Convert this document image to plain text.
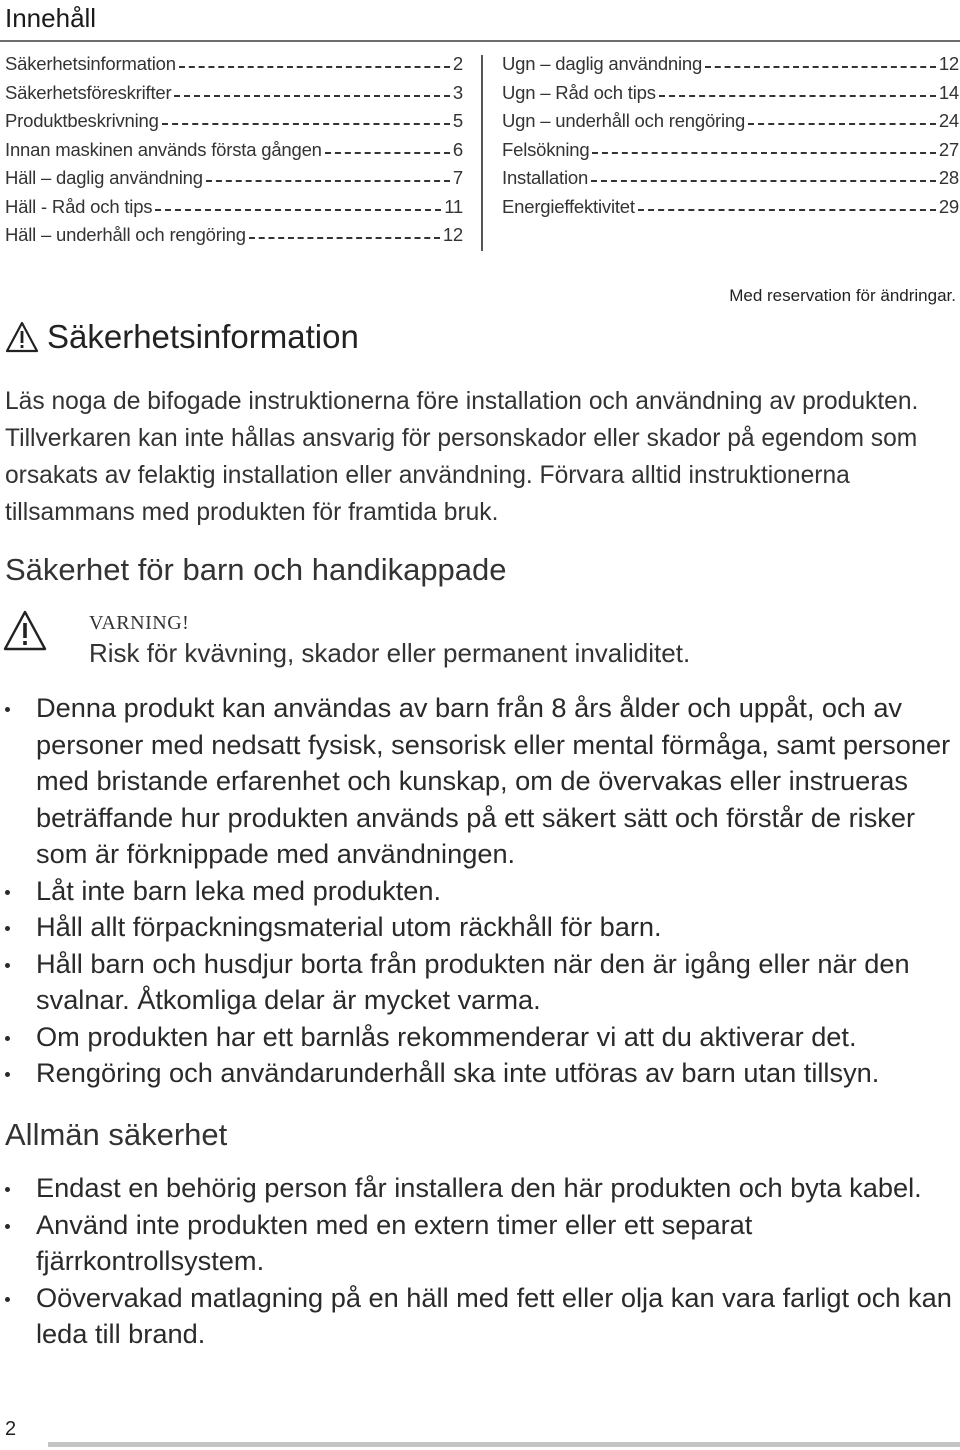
Innehåll
Säkerhetsinformation	2
Säkerhetsföreskrifter	3
Produktbeskrivning	5
Innan maskinen används första gången	6
Häll – daglig användning	7
Häll - Råd och tips	11
Häll – underhåll och rengöring	12
Ugn – daglig användning	12
Ugn – Råd och tips	14
Ugn – underhåll och rengöring	24
Felsökning	27
Installation	28
Energieffektivitet	29
Med reservation för ändringar.
Säkerhetsinformation
Läs noga de bifogade instruktionerna före installation och användning av produkten. Tillverkaren kan inte hållas ansvarig för personskador eller skador på egendom som orsakats av felaktig installation eller användning. Förvara alltid instruktionerna tillsammans med produkten för framtida bruk.
Säkerhet för barn och handikappade
VARNING!
Risk för kvävning, skador eller permanent invaliditet.
Denna produkt kan användas av barn från 8 års ålder och uppåt, och av personer med nedsatt fysisk, sensorisk eller mental förmåga, samt personer med bristande erfarenhet och kunskap, om de övervakas eller instrueras beträffande hur produkten används på ett säkert sätt och förstår de risker som är förknippade med användningen.
Låt inte barn leka med produkten.
Håll allt förpackningsmaterial utom räckhåll för barn.
Håll barn och husdjur borta från produkten när den är igång eller när den svalnar. Åtkomliga delar är mycket varma.
Om produkten har ett barnlås rekommenderar vi att du aktiverar det.
Rengöring och användarunderhåll ska inte utföras av barn utan tillsyn.
Allmän säkerhet
Endast en behörig person får installera den här produkten och byta kabel.
Använd inte produkten med en extern timer eller ett separat fjärrkontrollsystem.
Oövervakad matlagning på en häll med fett eller olja kan vara farligt och kan leda till brand.
2
